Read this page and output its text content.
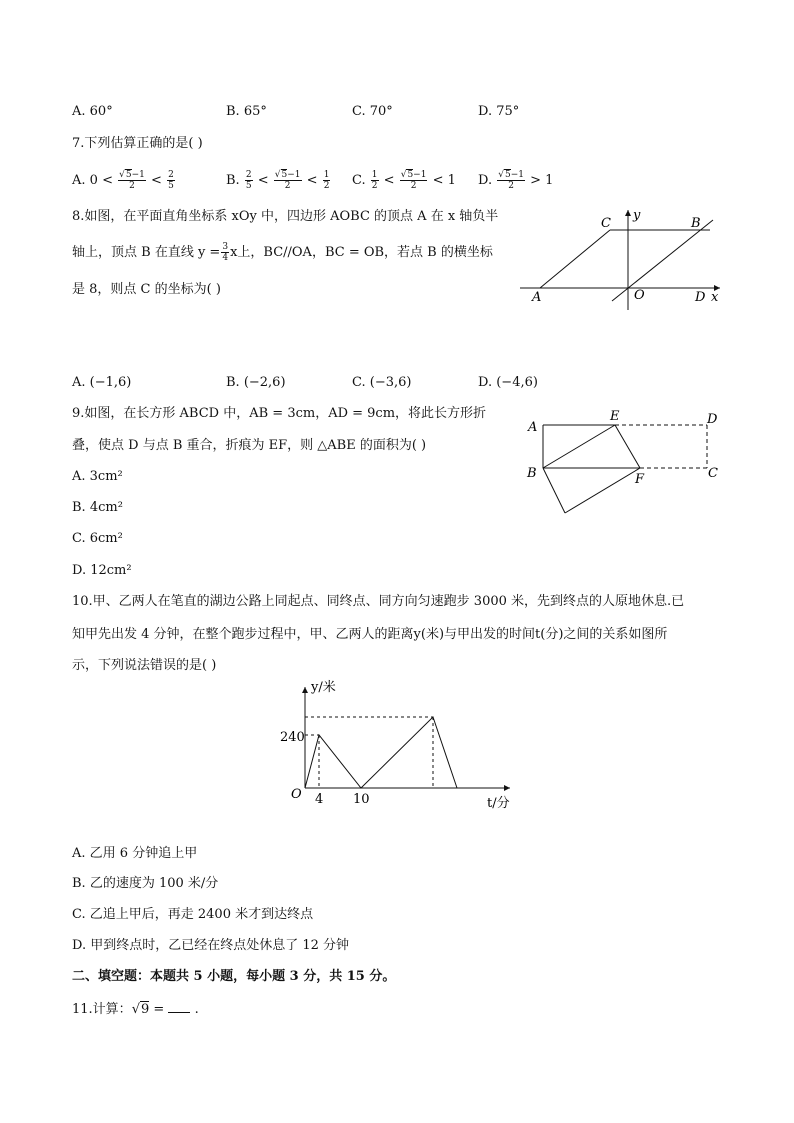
A. 60°	B. 65°	C. 70°	D. 75°
7.下列估算正确的是( )
A. $0 < \frac{√5-1}{2} < \frac{2}{5}$	B. $\frac{2}{5} < \frac{√5-1}{2} < \frac{1}{2} C$. $\frac{1}{2} < \frac{√5-1}{2} < 1$ D. $\frac{√5-1}{2} > 1$
8.如图，在平面直角坐标系 xOy 中，四边形 AOBC 的顶点 A 在 x 轴负半
轴上，顶点 B 在直线 $y = \frac{3}{4}$ x上，BC//OA，BC = OB，若点 B 的横坐标
是 8，则点 C 的坐标为( )
C
y
B
A	O	D x
A. (−1,6)	B. (−2,6)	C. (−3,6)	D. (−4,6)
9.如图，在长方形 ABCD 中，AB = 3cm，AD = 9cm，将此长方形折
叠，使点 D 与点 B 重合，折痕为 EF，则 △ABE 的面积为( )
A
E	D
B	F	C
A. 3cm²
B. 4cm²
C. 6cm²
D. 12cm²
10.甲、乙两人在笔直的湖边公路上同起点、同终点、同方向匀速跑步 3000 米，先到终点的人原地休息.已
知甲先出发 4 分钟，在整个跑步过程中，甲、乙两人的距离y(米)与甲出发的时间t(分)之间的关系如图所
示，下列说法错误的是( )
y/米
240
O 4 10	t/分
A. 乙用 6 分钟追上甲
B. 乙的速度为 100 米/分
C. 乙追上甲后，再走 2400 米才到达终点
D. 甲到终点时，乙已经在终点处休息了 12 分钟
二、填空题：本题共 5 小题，每小题 3 分，共 15 分。
11.计算：√9 = .
